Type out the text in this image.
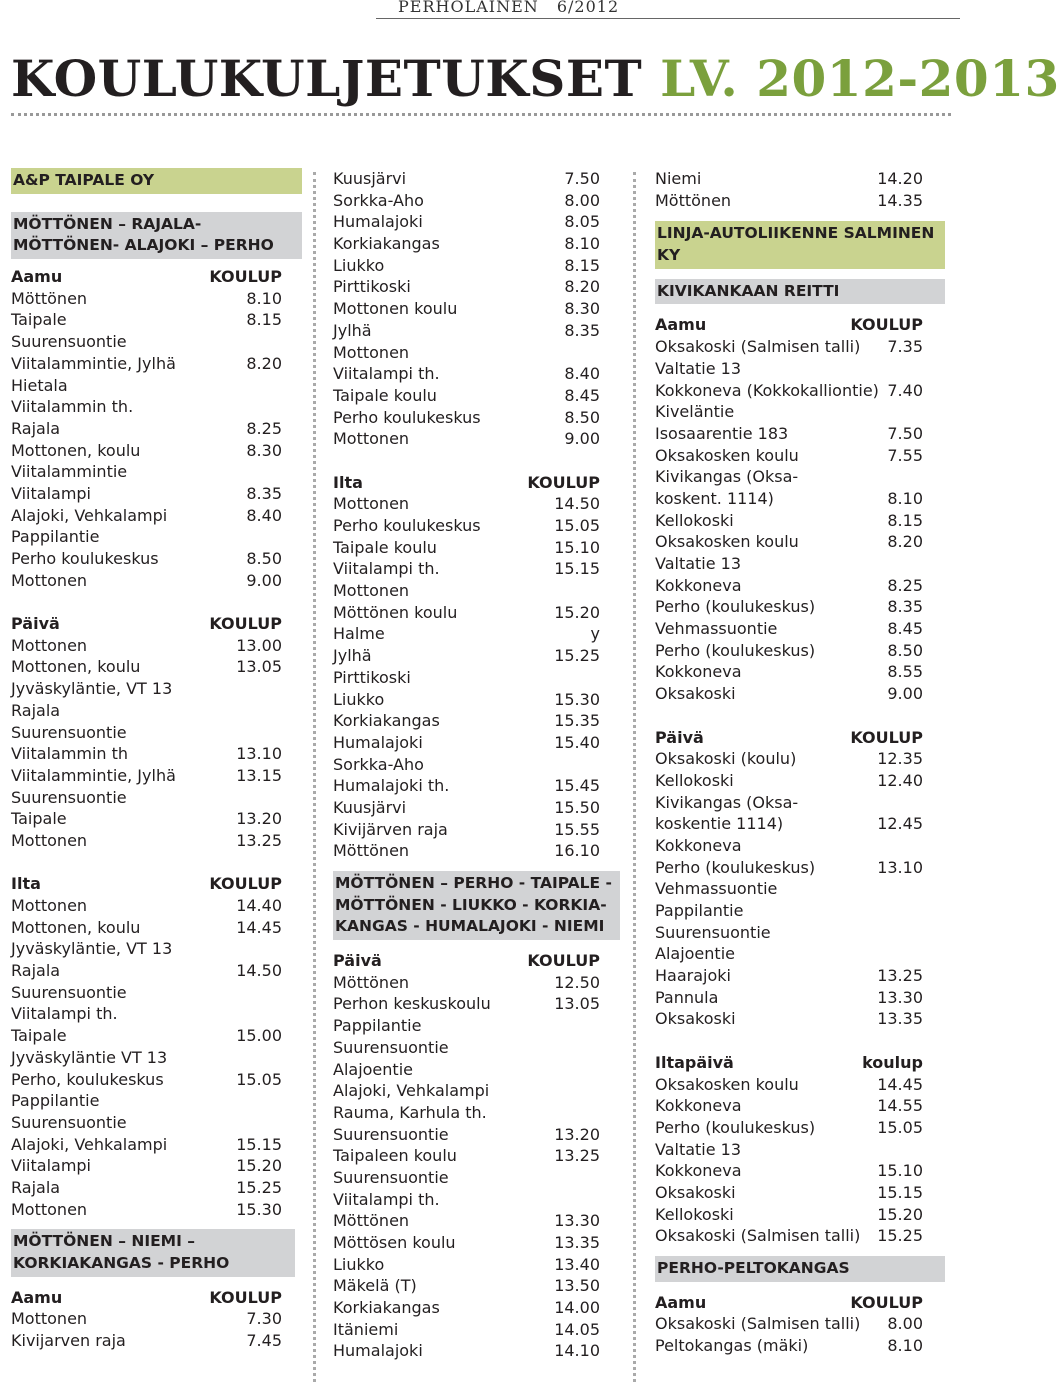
PERHOLAINEN 6/2012
KOULUKULJETUKSET LV. 2012-2013
A&P TAIPALE OY
MÖTTÖNEN – RAJALA-
MÖTTÖNEN- ALAJOKI – PERHO
Aamu	KOULUP
Möttönen	8.10
Taipale	8.15
Suurensuontie
Viitalammintie, Jylhä	8.20
Hietala
Viitalammin th.
Rajala	8.25
Mottonen, koulu	8.30
Viitalammintie
Viitalampi	8.35
Alajoki, Vehkalampi	8.40
Pappilantie
Perho koulukeskus	8.50
Mottonen	9.00
Päivä	KOULUP
Mottonen	13.00
Mottonen, koulu	13.05
Jyväskyläntie, VT 13
Rajala
Suurensuontie
Viitalammin th	13.10
Viitalammintie, Jylhä	13.15
Suurensuontie
Taipale	13.20
Mottonen	13.25
Ilta	KOULUP
Mottonen	14.40
Mottonen, koulu	14.45
Jyväskyläntie, VT 13
Rajala	14.50
Suurensuontie
Viitalampi th.
Taipale	15.00
Jyväskyläntie VT 13
Perho, koulukeskus	15.05
Pappilantie
Suurensuontie
Alajoki, Vehkalampi	15.15
Viitalampi	15.20
Rajala	15.25
Mottonen	15.30
MÖTTÖNEN – NIEMI –
KORKIAKANGAS - PERHO
Aamu	KOULUP
Mottonen	7.30
Kivijarven raja	7.45
Kuusjärvi	7.50
Sorkka-Aho	8.00
Humalajoki	8.05
Korkiakangas	8.10
Liukko	8.15
Pirttikoski	8.20
Mottonen koulu	8.30
Jylhä	8.35
Mottonen
Viitalampi th.	8.40
Taipale koulu	8.45
Perho koulukeskus	8.50
Mottonen	9.00
Ilta	KOULUP
Mottonen	14.50
Perho koulukeskus	15.05
Taipale koulu	15.10
Viitalampi th.	15.15
Mottonen
Möttönen koulu	15.20
Halme	y
Jylhä	15.25
Pirttikoski
Liukko	15.30
Korkiakangas	15.35
Humalajoki	15.40
Sorkka-Aho
Humalajoki th.	15.45
Kuusjärvi	15.50
Kivijärven raja	15.55
Möttönen	16.10
MÖTTÖNEN – PERHO - TAIPALE -
MÖTTÖNEN - LIUKKO - KORKIA-
KANGAS - HUMALAJOKI - NIEMI
Päivä	KOULUP
Möttönen	12.50
Perhon keskuskoulu	13.05
Pappilantie
Suurensuontie
Alajoentie
Alajoki, Vehkalampi
Rauma, Karhula th.
Suurensuontie	13.20
Taipaleen koulu	13.25
Suurensuontie
Viitalampi th.
Möttönen	13.30
Möttösen koulu	13.35
Liukko	13.40
Mäkelä (T)	13.50
Korkiakangas	14.00
Itäniemi	14.05
Humalajoki	14.10
Niemi	14.20
Möttönen	14.35
LINJA-AUTOLIIKENNE SALMINEN KY
KIVIKANKAAN REITTI
Aamu	KOULUP
Oksakoski (Salmisen talli) 7.35
Valtatie 13
Kokkoneva (Kokkokalliontie) 7.40
Kiveläntie
Isosaarentie 183	7.50
Oksakosken koulu	7.55
Kivikangas (Oksa-
koskent. 1114)	8.10
Kellokoski	8.15
Oksakosken koulu	8.20
Valtatie 13
Kokkoneva	8.25
Perho (koulukeskus)	8.35
Vehmassuontie	8.45
Perho (koulukeskus)	8.50
Kokkoneva	8.55
Oksakoski	9.00
Päivä	KOULUP
Oksakoski (koulu)	12.35
Kellokoski	12.40
Kivikangas (Oksa-
koskentie 1114)	12.45
Kokkoneva
Perho (koulukeskus)	13.10
Vehmassuontie
Pappilantie
Suurensuontie
Alajoentie
Haarajoki	13.25
Pannula	13.30
Oksakoski	13.35
Iltapäivä	koulup
Oksakosken koulu	14.45
Kokkoneva	14.55
Perho (koulukeskus)	15.05
Valtatie 13
Kokkoneva	15.10
Oksakoski	15.15
Kellokoski	15.20
Oksakoski (Salmisen talli) 15.25
PERHO-PELTOKANGAS
Aamu	KOULUP
Oksakoski (Salmisen talli) 8.00
Peltokangas (mäki)	8.10
